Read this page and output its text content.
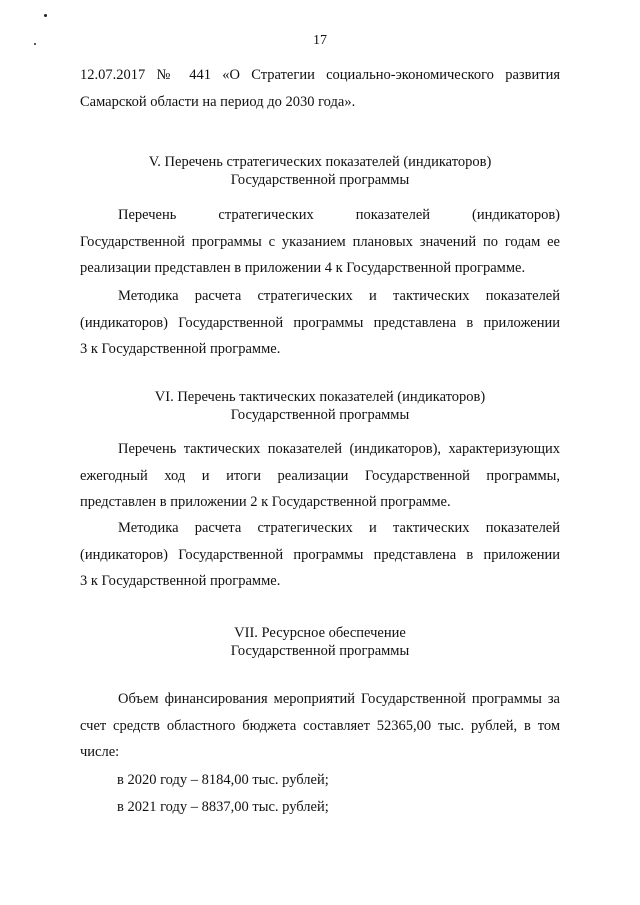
17
12.07.2017 № 441 «О Стратегии социально-экономического развития
Самарской области на период до 2030 года».
V. Перечень стратегических показателей (индикаторов)
Государственной программы
Перечень стратегических показателей (индикаторов)
Государственной программы с указанием плановых значений по годам ее
реализации представлен в приложении 4 к Государственной программе.
Методика расчета стратегических и тактических показателей
(индикаторов) Государственной программы представлена в приложении
3 к Государственной программе.
VI. Перечень тактических показателей (индикаторов)
Государственной программы
Перечень тактических показателей (индикаторов), характеризующих
ежегодный ход и итоги реализации Государственной программы,
представлен в приложении 2 к Государственной программе.
Методика расчета стратегических и тактических показателей
(индикаторов) Государственной программы представлена в приложении
3 к Государственной программе.
VII. Ресурсное обеспечение
Государственной программы
Объем финансирования мероприятий Государственной программы за
счет средств областного бюджета составляет 52365,00 тыс. рублей, в том
числе:
в 2020 году – 8184,00 тыс. рублей;
в 2021 году – 8837,00 тыс. рублей;
